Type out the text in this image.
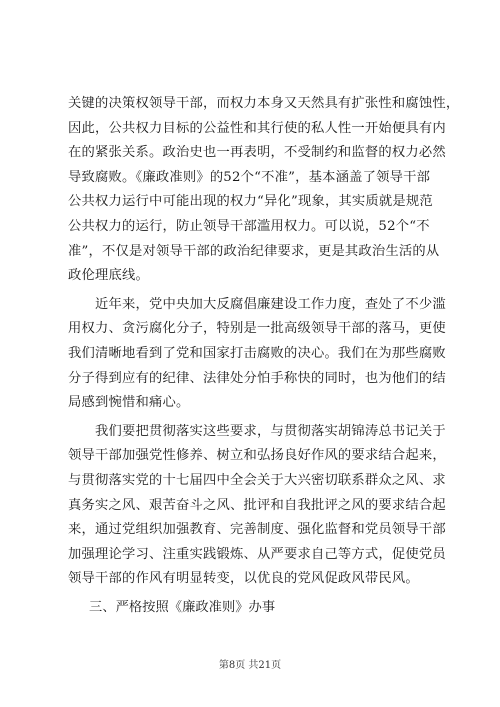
关键的决策权领导干部，而权力本身又天然具有扩张性和腐蚀性，
因此，公共权力目标的公益性和其行使的私人性一开始便具有内
在的紧张关系。政治史也一再表明，不受制约和监督的权力必然
导致腐败。《廉政准则》的52个“不准”，基本涵盖了领导干部
公共权力运行中可能出现的权力“异化”现象，其实质就是规范
公共权力的运行，防止领导干部滥用权力。可以说，52个“不
准”，不仅是对领导干部的政治纪律要求，更是其政治生活的从
政伦理底线。
　　近年来，党中央加大反腐倡廉建设工作力度，查处了不少滥
用权力、贪污腐化分子，特别是一批高级领导干部的落马，更使
我们清晰地看到了党和国家打击腐败的决心。我们在为那些腐败
分子得到应有的纪律、法律处分怕手称快的同时，也为他们的结
局感到惋惜和痛心。
　　我们要把贯彻落实这些要求，与贯彻落实胡锦涛总书记关于
领导干部加强党性修养、树立和弘扬良好作风的要求结合起来，
与贯彻落实党的十七届四中全会关于大兴密切联系群众之风、求
真务实之风、艰苦奋斗之风、批评和自我批评之风的要求结合起
来，通过党组织加强教育、完善制度、强化监督和党员领导干部
加强理论学习、注重实践锻炼、从严要求自己等方式，促使党员
领导干部的作风有明显转变，以优良的党风促政风带民风。
三、严格按照《廉政准则》办事
第8页 共21页
